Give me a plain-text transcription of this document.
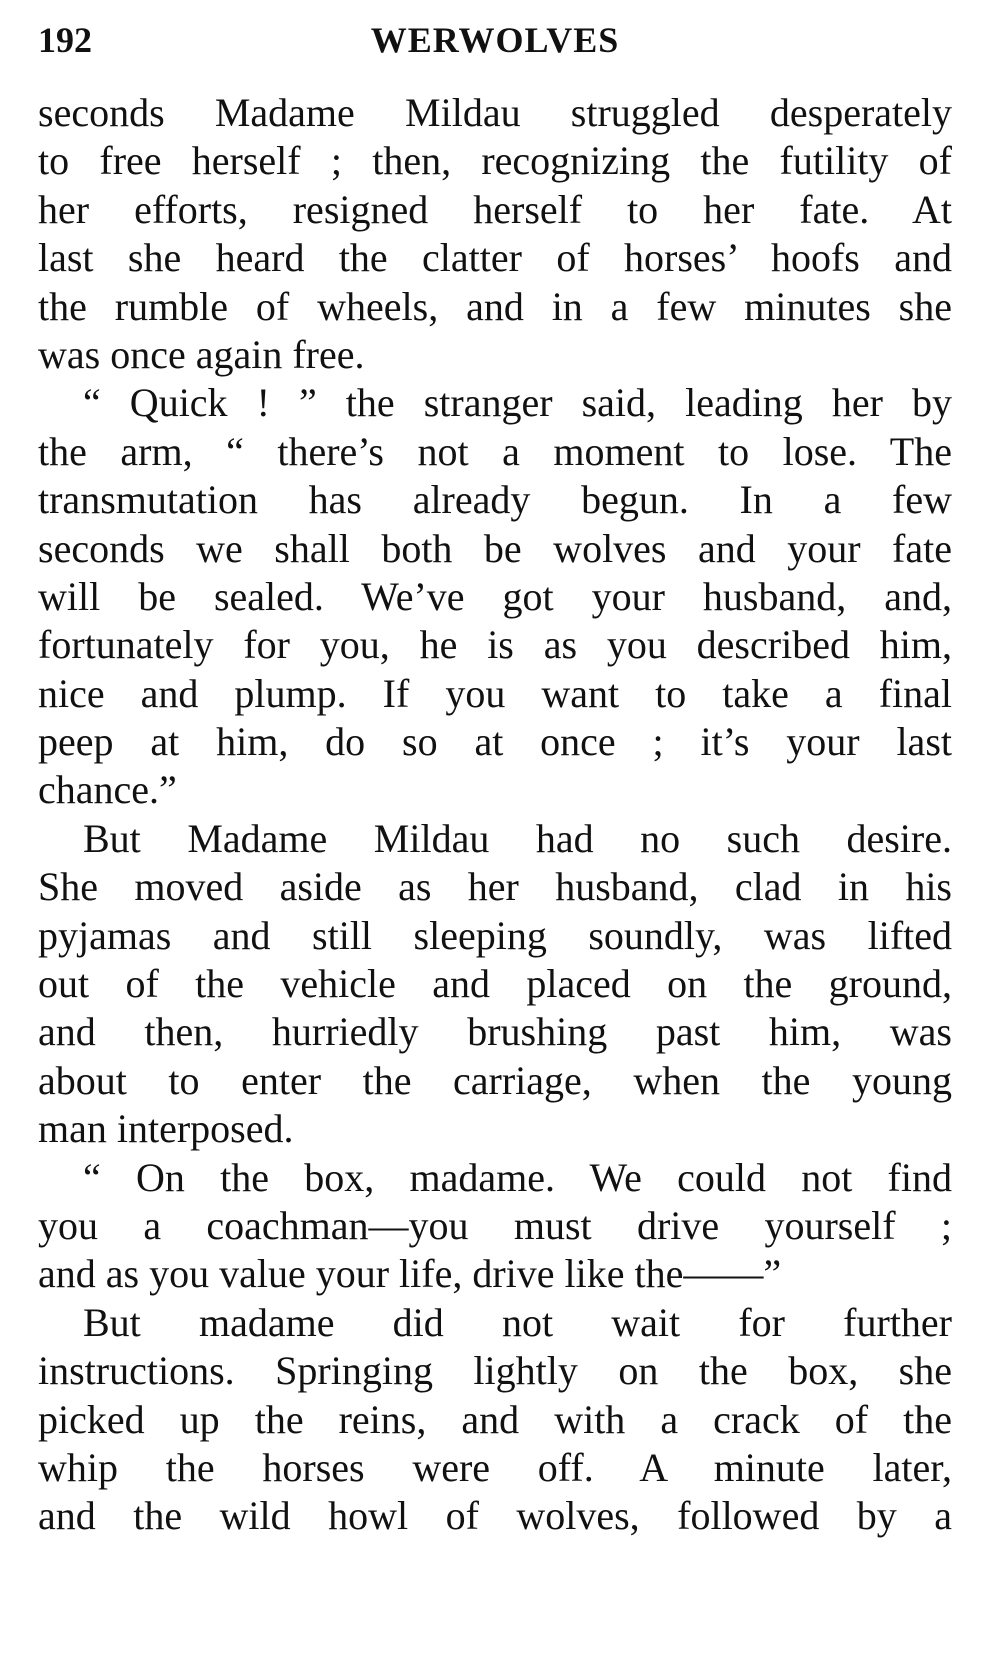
192	WERWOLVES
seconds Madame Mildau struggled desperately
to free herself ; then, recognizing the futility of
her efforts, resigned herself to her fate. At
last she heard the clatter of horses’ hoofs and
the rumble of wheels, and in a few minutes she
was once again free.
“ Quick ! ” the stranger said, leading her by
the arm, “ there’s not a moment to lose. The
transmutation has already begun. In a few
seconds we shall both be wolves and your fate
will be sealed. We’ve got your husband, and,
fortunately for you, he is as you described him,
nice and plump. If you want to take a final
peep at him, do so at once ; it’s your last
chance.”
But Madame Mildau had no such desire.
She moved aside as her husband, clad in his
pyjamas and still sleeping soundly, was lifted
out of the vehicle and placed on the ground,
and then, hurriedly brushing past him, was
about to enter the carriage, when the young
man interposed.
“ On the box, madame. We could not find
you a coachman—you must drive yourself ;
and as you value your life, drive like the——”
But madame did not wait for further
instructions. Springing lightly on the box, she
picked up the reins, and with a crack of the
whip the horses were off. A minute later,
and the wild howl of wolves, followed by a
